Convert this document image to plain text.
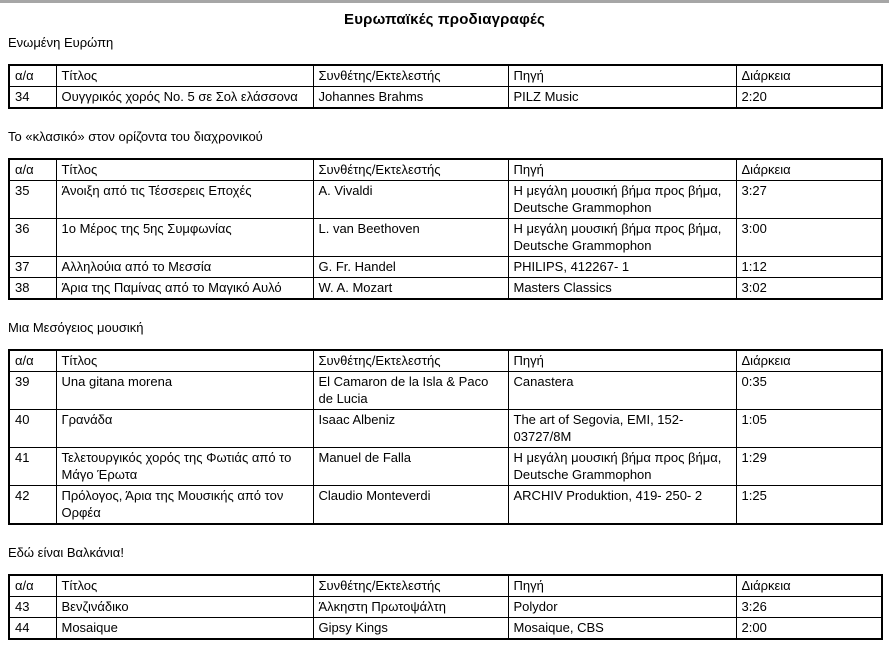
Ευρωπαϊκές προδιαγραφές
Ενωμένη Ευρώπη
α/α	Τίτλος	Συνθέτης/Εκτελεστής	Πηγή	Διάρκεια
34	Ουγγρικός χορός No. 5 σε Σολ ελάσσονα	Johannes Brahms	PILZ Music	2:20
Το «κλασικό» στον ορίζοντα του διαχρονικού
α/α	Τίτλος	Συνθέτης/Εκτελεστής	Πηγή	Διάρκεια
35	Άνοιξη από τις Τέσσερεις Εποχές	A. Vivaldi	Η μεγάλη μουσική βήμα προς βήμα, Deutsche Grammophon	3:27
36	1ο Μέρος της 5ης Συμφωνίας	L. van Beethoven	Η μεγάλη μουσική βήμα προς βήμα, Deutsche Grammophon	3:00
37	Αλληλούια από το Μεσσία	G. Fr. Handel	PHILIPS, 412267- 1	1:12
38	Άρια της Παμίνας από το Μαγικό Αυλό	W. A. Mozart	Masters Classics	3:02
Μια Μεσόγειος μουσική
α/α	Τίτλος	Συνθέτης/Εκτελεστής	Πηγή	Διάρκεια
39	Una gitana morena	El Camaron de la Isla & Paco de Lucia	Canastera	0:35
40	Γρανάδα	Isaac Albeniz	The art of Segovia, EMI, 152- 03727/8M	1:05
41	Τελετουργικός χορός της Φωτιάς από το Μάγο Έρωτα	Manuel de Falla	Η μεγάλη μουσική βήμα προς βήμα, Deutsche Grammophon	1:29
42	Πρόλογος, Άρια της Μουσικής από τον Ορφέα	Claudio Monteverdi	ARCHIV Produktion, 419- 250- 2	1:25
Εδώ είναι Βαλκάνια!
α/α	Τίτλος	Συνθέτης/Εκτελεστής	Πηγή	Διάρκεια
43	Βενζινάδικο	Άλκηστη Πρωτοψάλτη	Polydor	3:26
44	Mosaique	Gipsy Kings	Mosaique, CBS	2:00
